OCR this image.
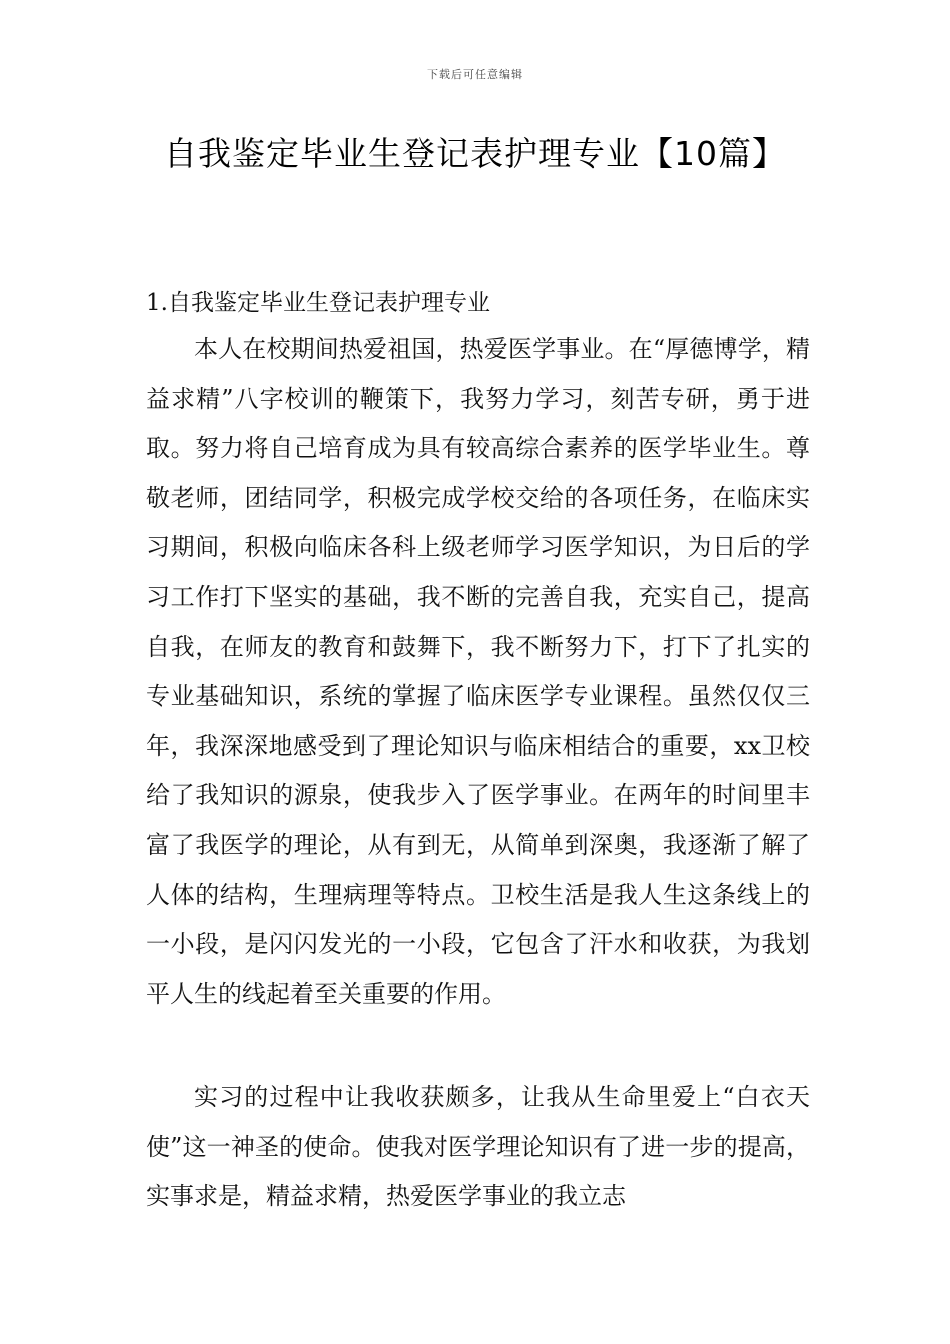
下载后可任意编辑
自我鉴定毕业生登记表护理专业【10篇】
1.自我鉴定毕业生登记表护理专业

本人在校期间热爱祖国，热爱医学事业。在“厚德博学，精益求精”八字校训的鞭策下，我努力学习，刻苦专研，勇于进取。努力将自己培育成为具有较高综合素养的医学毕业生。尊敬老师，团结同学，积极完成学校交给的各项任务，在临床实习期间，积极向临床各科上级老师学习医学知识，为日后的学习工作打下坚实的基础，我不断的完善自我，充实自己，提高自我，在师友的教育和鼓舞下，我不断努力下，打下了扎实的专业基础知识，系统的掌握了临床医学专业课程。虽然仅仅三年，我深深地感受到了理论知识与临床相结合的重要，xx卫校给了我知识的源泉，使我步入了医学事业。在两年的时间里丰富了我医学的理论，从有到无，从简单到深奥，我逐渐了解了人体的结构，生理病理等特点。卫校生活是我人生这条线上的一小段，是闪闪发光的一小段，它包含了汗水和收获，为我划平人生的线起着至关重要的作用。

实习的过程中让我收获颇多，让我从生命里爱上“白衣天使”这一神圣的使命。使我对医学理论知识有了进一步的提高，实事求是，精益求精，热爱医学事业的我立志
